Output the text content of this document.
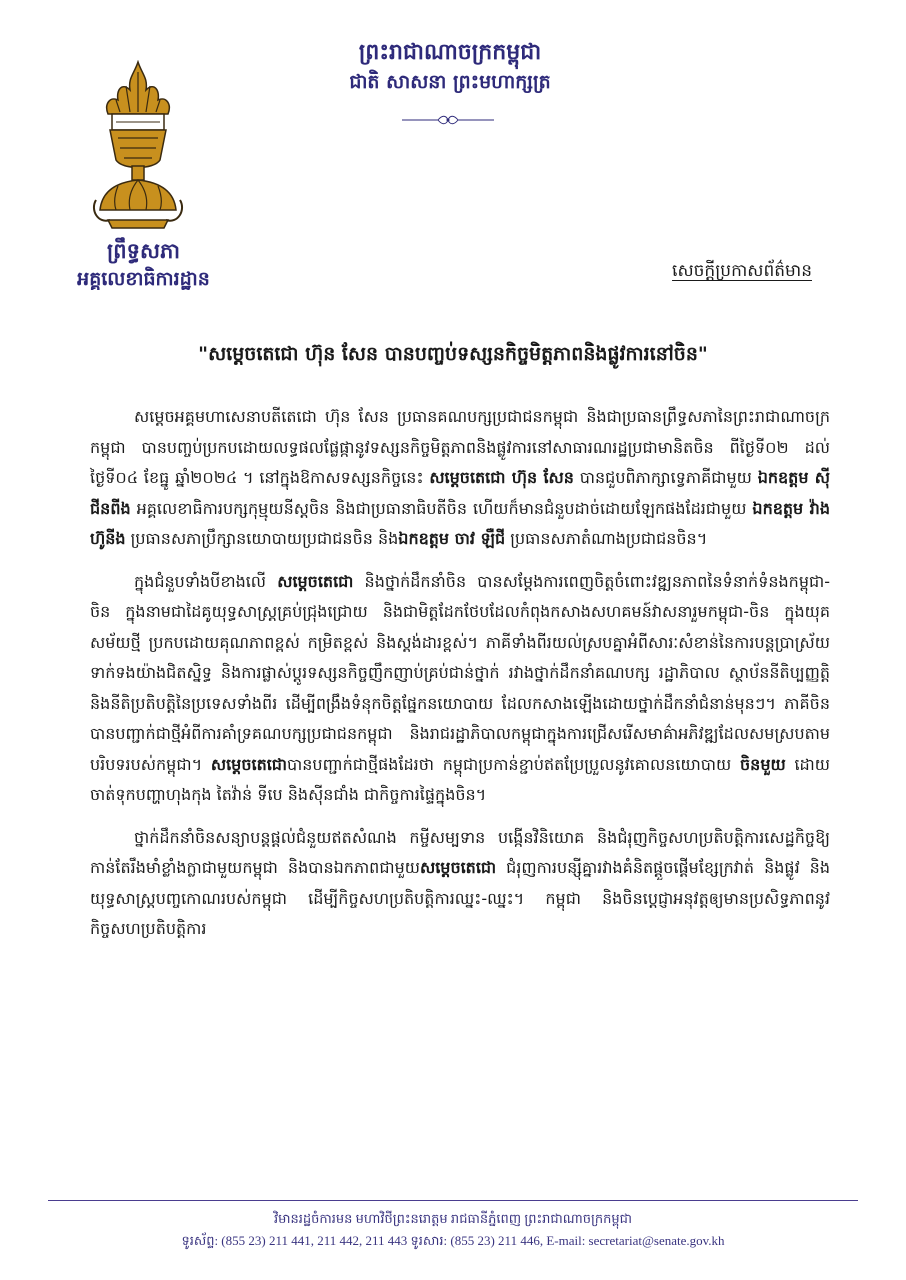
ព្រឹទ្ធសភា
អគ្គលេខាធិការដ្ឋាន
ព្រះរាជាណាចក្រកម្ពុជា
ជាតិ សាសនា ព្រះមហាក្សត្រ
សេចក្ដីប្រកាសព័ត៌មាន
"សម្ដេចតេជោ ហ៊ុន សែន បានបញ្ចប់ទស្សនកិច្ចមិត្តភាពនិងផ្លូវការនៅចិន"

សម្ដេចអគ្គមហាសេនាបតីតេជោ ហ៊ុន សែន ប្រធានគណបក្សប្រជាជនកម្ពុជា និងជាប្រធានព្រឹទ្ធសភានៃព្រះរាជាណាចក្រកម្ពុជា បានបញ្ចប់ប្រកបដោយលទ្ធផលផ្លែផ្កានូវទស្សនកិច្ចមិត្តភាពនិងផ្លូវការនៅសាធារណរដ្ឋប្រជាមានិតចិន ពីថ្ងៃទី០២ ដល់ថ្ងៃទី០៤ ខែធ្នូ ឆ្នាំ២០២៤ ។ នៅក្នុងឱកាសទស្សនកិច្ចនេះ សម្ដេចតេជោ ហ៊ុន សែន បានជួបពិភាក្សាទ្វេភាគីជាមួយ ឯកឧត្តម ស៊ី ជីនពីង អគ្គលេខាធិការបក្សកុម្មុយនីស្តចិន និងជាប្រធានាធិបតីចិន ហើយក៏មានជំនួបដាច់ដោយឡែកផងដែរជាមួយ ឯកឧត្តម វ៉ាង ហ៊ូនីង ប្រធានសភាប្រឹក្សានយោបាយប្រជាជនចិន និងឯកឧត្តម ចាវ ឡឺជី ប្រធានសភាតំណាងប្រជាជនចិន។

ក្នុងជំនួបទាំងបីខាងលើ សម្ដេចតេជោ និងថ្នាក់ដឹកនាំចិន បានសម្ដែងការពេញចិត្តចំពោះវឌ្ឍនភាពនៃទំនាក់ទំនងកម្ពុជា-ចិន ក្នុងនាមជាដៃគូយុទ្ធសាស្ត្រគ្រប់ជ្រុងជ្រោយ និងជាមិត្តដែកថែបដែលកំពុងកសាងសហគមន៍វាសនារួមកម្ពុជា-ចិន ក្នុងយុគសម័យថ្មី ប្រកបដោយគុណភាពខ្ពស់ កម្រិតខ្ពស់ និងស្តង់ដារខ្ពស់។ ភាគីទាំងពីរយល់ស្របគ្នាអំពីសារៈសំខាន់នៃការបន្តប្រាស្រ័យទាក់ទងយ៉ាងជិតស្និទ្ធ និងការផ្លាស់ប្ដូរទស្សនកិច្ចញឹកញាប់គ្រប់ជាន់ថ្នាក់ រវាងថ្នាក់ដឹកនាំគណបក្ស រដ្ឋាភិបាល ស្ថាប័ននីតិប្បញ្ញត្តិ និងនីតិប្រតិបត្តិនៃប្រទេសទាំងពីរ ដើម្បីពង្រឹងទំនុកចិត្តផ្នែកនយោបាយ ដែលកសាងឡើងដោយថ្នាក់ដឹកនាំជំនាន់មុនៗ។ ភាគីចិនបានបញ្ជាក់ជាថ្មីអំពីការគាំទ្រគណបក្សប្រជាជនកម្ពុជា និងរាជរដ្ឋាភិបាលកម្ពុជាក្នុងការជ្រើសរើសមាគ៌ាអភិវឌ្ឍដែលសមស្របតាមបរិបទរបស់កម្ពុជា។ សម្ដេចតេជោបានបញ្ជាក់ជាថ្មីផងដែរថា កម្ពុជាប្រកាន់ខ្ជាប់ឥតប្រែប្រួលនូវគោលនយោបាយ ចិនមួយ ដោយចាត់ទុកបញ្ហាហុងកុង តៃវ៉ាន់ ទីបេ និងស៊ីនជាំង ជាកិច្ចការផ្ទៃក្នុងចិន។

ថ្នាក់ដឹកនាំចិនសន្យាបន្តផ្ដល់ជំនួយឥតសំណង កម្ចីសម្បទាន បង្កើនវិនិយោគ និងជំរុញកិច្ចសហប្រតិបត្តិការសេដ្ឋកិច្ចឱ្យកាន់តែរឹងមាំខ្លាំងក្លាជាមួយកម្ពុជា និងបានឯកភាពជាមួយសម្ដេចតេជោ ជំរុញការបន្សុីគ្នារវាងគំនិតផ្ដួចផ្ដើមខ្សែក្រវាត់ និងផ្លូវ និងយុទ្ធសាស្ត្របញ្ចកោណរបស់កម្ពុជា ដើម្បីកិច្ចសហប្រតិបត្តិការឈ្នះ-ឈ្នះ។ កម្ពុជា និងចិនប្ដេជ្ញាអនុវត្តឲ្យមានប្រសិទ្ធភាពនូវកិច្ចសហប្រតិបត្តិការ

វិមានរដ្ឋចំការមន មហាវិថីព្រះនរោត្តម រាជធានីភ្នំពេញ ព្រះរាជាណាចក្រកម្ពុជា
ទូរស័ព្ទ: (855 23) 211 441, 211 442, 211 443 ទូរសារ: (855 23) 211 446, E-mail: secretariat@senate.gov.kh
